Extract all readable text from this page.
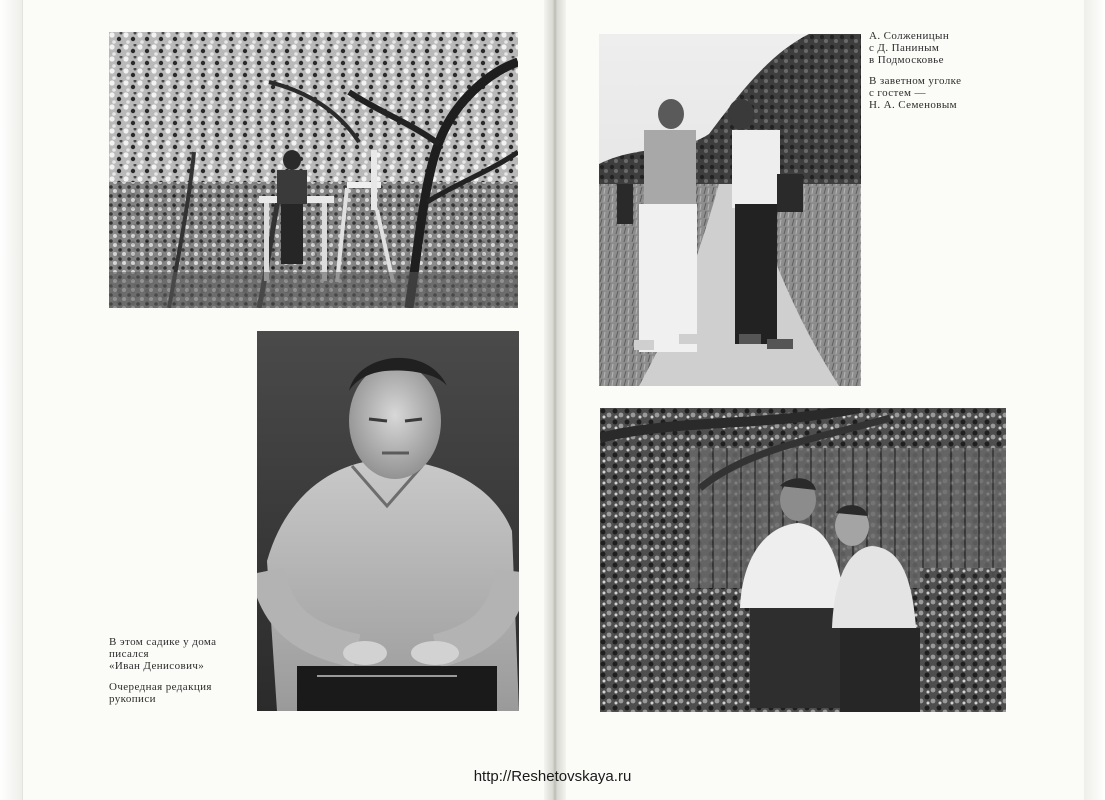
В этом садике у дома
писался
«Иван Денисович»
Очередная редакция
рукописи
А. Солженицын
с Д. Паниным
в Подмосковье
В заветном уголке
с гостем —
Н. А. Семеновым
http://Reshetovskaya.ru
